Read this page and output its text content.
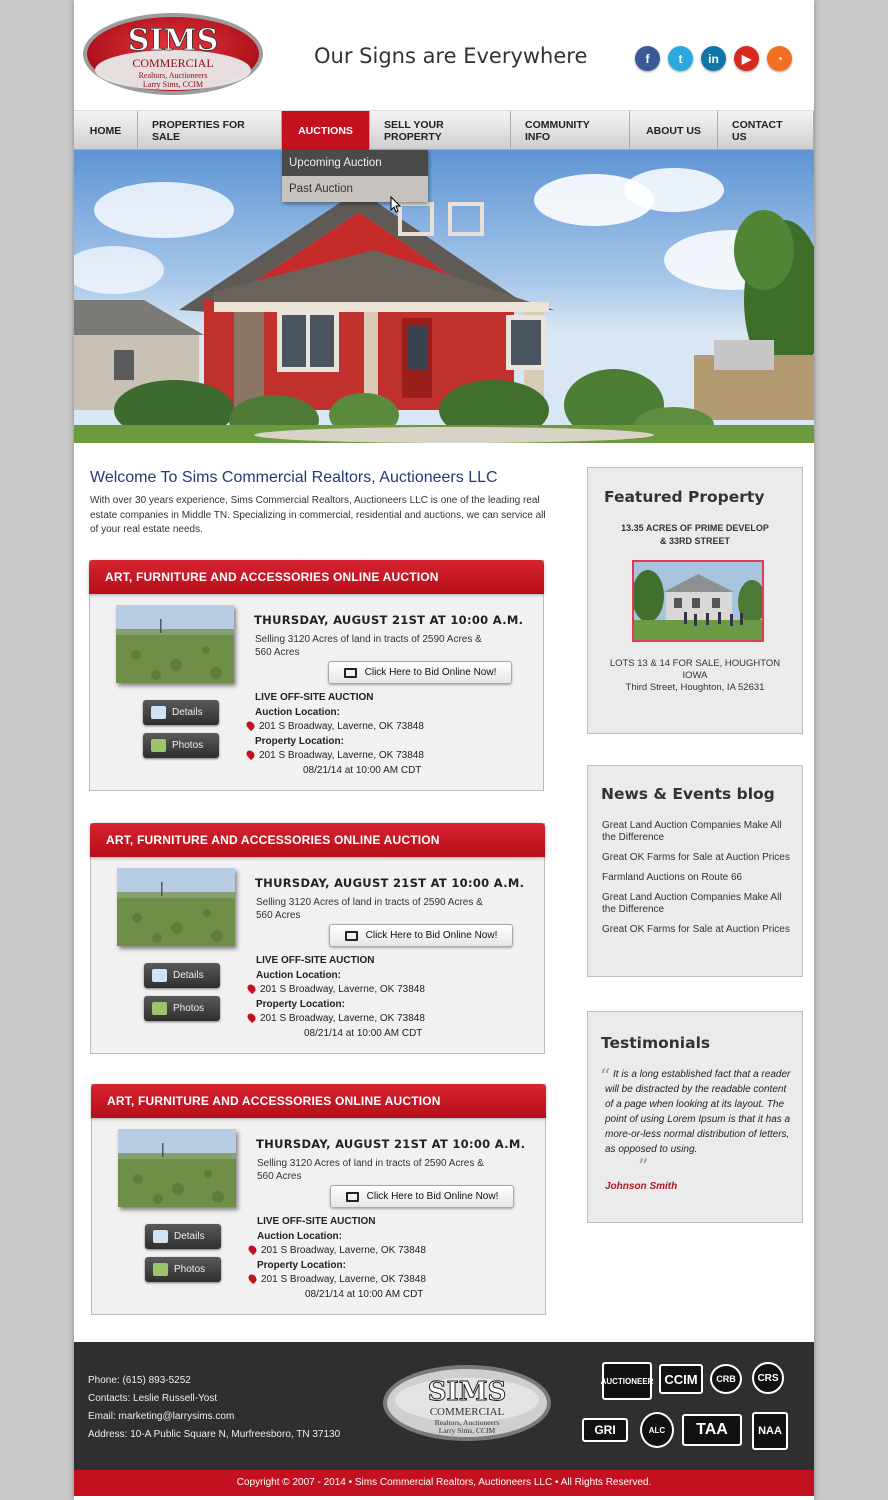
SIMS
COMMERCIAL
Realtors, Auctioneers
Larry Sims, CCIM
Our Signs are Everywhere	f	t	in	▶	◔
HOME	PROPERTIES FOR SALE	AUCTIONS	SELL YOUR PROPERTY
COMMUNITY INFO	ABOUT US	CONTACT US
Upcoming Auction
Past Auction
Welcome To Sims Commercial Realtors, Auctioneers LLC
With over 30 years experience, Sims Commercial Realtors, Auctioneers LLC is one of the leading real estate companies in Middle TN. Specializing in commercial, residential and auctions, we can service all of your real estate needs.
ART, FURNITURE AND ACCESSORIES ONLINE AUCTION
Details
Photos
THURSDAY, AUGUST 21ST AT 10:00 A.M.
Selling 3120 Acres of land in tracts of 2590 Acres & 560 Acres
Click Here to Bid Online Now!
LIVE OFF-SITE AUCTION
Auction Location:
201 S Broadway, Laverne, OK 73848
Property Location:
201 S Broadway, Laverne, OK 73848
08/21/14 at 10:00 AM CDT
ART, FURNITURE AND ACCESSORIES ONLINE AUCTION
Details
Photos
THURSDAY, AUGUST 21ST AT 10:00 A.M.
Selling 3120 Acres of land in tracts of 2590 Acres & 560 Acres
Click Here to Bid Online Now!
LIVE OFF-SITE AUCTION
Auction Location:
201 S Broadway, Laverne, OK 73848
Property Location:
201 S Broadway, Laverne, OK 73848
08/21/14 at 10:00 AM CDT
ART, FURNITURE AND ACCESSORIES ONLINE AUCTION
Details
Photos
THURSDAY, AUGUST 21ST AT 10:00 A.M.
Selling 3120 Acres of land in tracts of 2590 Acres & 560 Acres
Click Here to Bid Online Now!
LIVE OFF-SITE AUCTION
Auction Location:
201 S Broadway, Laverne, OK 73848
Property Location:
201 S Broadway, Laverne, OK 73848
08/21/14 at 10:00 AM CDT
Featured Property
13.35 ACRES OF PRIME DEVELOP
& 33RD STREET
LOTS 13 & 14 FOR SALE, HOUGHTON
IOWA
Third Street, Houghton, IA 52631
News & Events blog
Great Land Auction Companies Make All the Difference
Great OK Farms for Sale at Auction Prices
Farmland Auctions on Route 66
Great Land Auction Companies Make All the Difference
Great OK Farms for Sale at Auction Prices
Testimonials
“ It is a long established fact that a reader will be distracted by the readable content of a page when looking at its layout. The point of using Lorem Ipsum is that it has a more-or-less normal distribution of letters, as opposed to using.
”
Johnson Smith
Phone: (615) 893-5252
Contacts: Leslie Russell-Yost
Email: marketing@larrysims.com
Address: 10-A Public Square N, Murfreesboro, TN 37130
SIMS
COMMERCIAL
Realtors, Auctioneers
Larry Sims, CCIM
AUCTIONEER CCIM	CRB	CRS
GRI	ALC	TAA	NAA
Copyright © 2007 - 2014 • Sims Commercial Realtors, Auctioneers LLC • All Rights Reserved.
